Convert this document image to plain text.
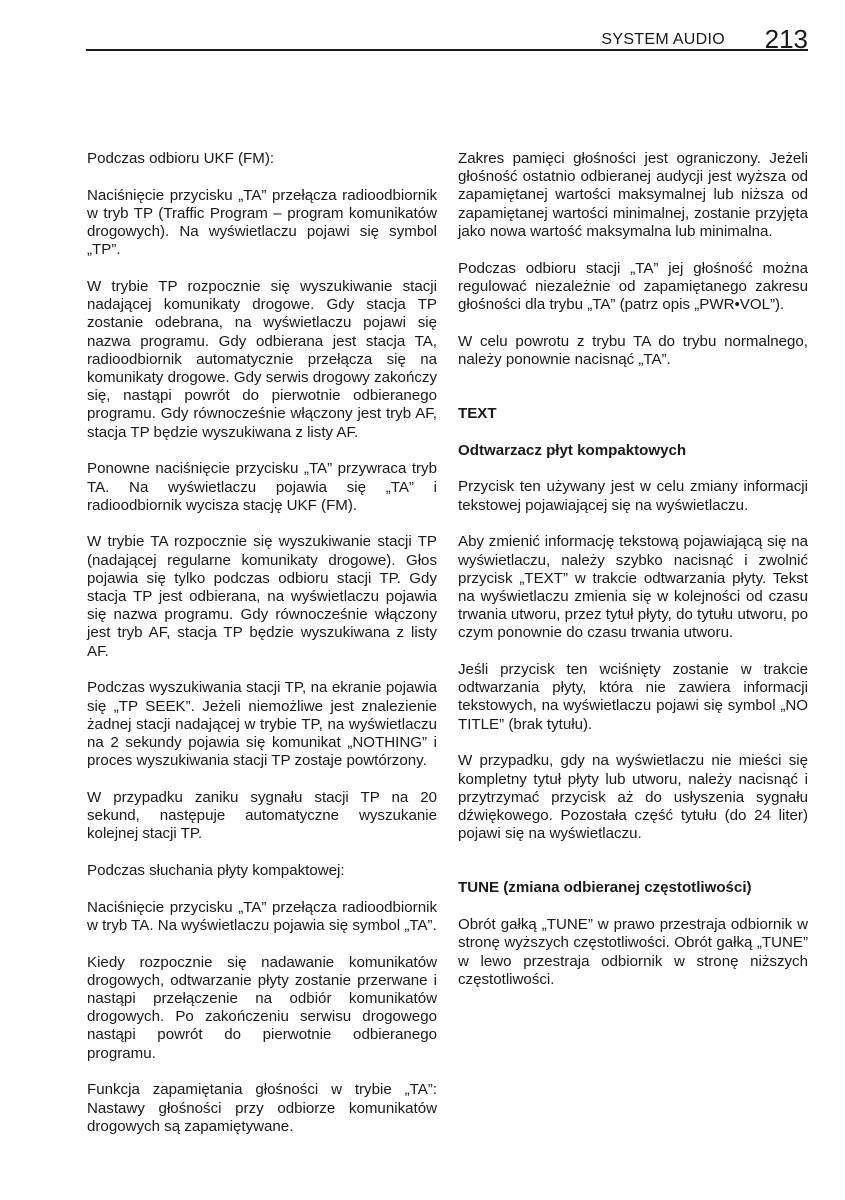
SYSTEM AUDIO 213

Podczas odbioru UKF (FM):

Naciśnięcie przycisku „TA” przełącza radioodbiornik w tryb TP (Traffic Program – program komunikatów drogowych). Na wyświetlaczu pojawi się symbol „TP”.

W trybie TP rozpocznie się wyszukiwanie stacji nadającej komunikaty drogowe. Gdy stacja TP zostanie odebrana, na wyświetlaczu pojawi się nazwa programu. Gdy odbierana jest stacja TA, radioodbiornik automatycznie przełącza się na komunikaty drogowe. Gdy serwis drogowy zakończy się, nastąpi powrót do pierwotnie odbieranego programu. Gdy równocześnie włączony jest tryb AF, stacja TP będzie wyszukiwana z listy AF.

Ponowne naciśnięcie przycisku „TA” przywraca tryb TA. Na wyświetlaczu pojawia się „TA” i radioodbiornik wycisza stację UKF (FM).

W trybie TA rozpocznie się wyszukiwanie stacji TP (nadającej regularne komunikaty drogowe). Głos pojawia się tylko podczas odbioru stacji TP. Gdy stacja TP jest odbierana, na wyświetlaczu pojawia się nazwa programu. Gdy równocześnie włączony jest tryb AF, stacja TP będzie wyszukiwana z listy AF.

Podczas wyszukiwania stacji TP, na ekranie pojawia się „TP SEEK”. Jeżeli niemożliwe jest znalezienie żadnej stacji nadającej w trybie TP, na wyświetlaczu na 2 sekundy pojawia się komunikat „NOTHING” i proces wyszukiwania stacji TP zostaje powtórzony.

W przypadku zaniku sygnału stacji TP na 20 sekund, następuje automatyczne wyszukanie kolejnej stacji TP.

Podczas słuchania płyty kompaktowej:

Naciśnięcie przycisku „TA” przełącza radioodbiornik w tryb TA. Na wyświetlaczu pojawia się symbol „TA”.

Kiedy rozpocznie się nadawanie komunikatów drogowych, odtwarzanie płyty zostanie przerwane i nastąpi przełączenie na odbiór komunikatów drogowych. Po zakończeniu serwisu drogowego nastąpi powrót do pierwotnie odbieranego programu.

Funkcja zapamiętania głośności w trybie „TA”: Nastawy głośności przy odbiorze komunikatów drogowych są zapamiętywane.

Zakres pamięci głośności jest ograniczony. Jeżeli głośność ostatnio odbieranej audycji jest wyższa od zapamiętanej wartości maksymalnej lub niższa od zapamiętanej wartości minimalnej, zostanie przyjęta jako nowa wartość maksymalna lub minimalna.

Podczas odbioru stacji „TA” jej głośność można regulować niezależnie od zapamiętanego zakresu głośności dla trybu „TA” (patrz opis „PWR•VOL”).

W celu powrotu z trybu TA do trybu normalnego, należy ponownie nacisnąć „TA”.

TEXT

Odtwarzacz płyt kompaktowych

Przycisk ten używany jest w celu zmiany informacji tekstowej pojawiającej się na wyświetlaczu.

Aby zmienić informację tekstową pojawiającą się na wyświetlaczu, należy szybko nacisnąć i zwolnić przycisk „TEXT” w trakcie odtwarzania płyty. Tekst na wyświetlaczu zmienia się w kolejności od czasu trwania utworu, przez tytuł płyty, do tytułu utworu, po czym ponownie do czasu trwania utworu.

Jeśli przycisk ten wciśnięty zostanie w trakcie odtwarzania płyty, która nie zawiera informacji tekstowych, na wyświetlaczu pojawi się symbol „NO TITLE” (brak tytułu).

W przypadku, gdy na wyświetlaczu nie mieści się kompletny tytuł płyty lub utworu, należy nacisnąć i przytrzymać przycisk aż do usłyszenia sygnału dźwiękowego. Pozostała część tytułu (do 24 liter) pojawi się na wyświetlaczu.

TUNE (zmiana odbieranej częstotliwości)

Obrót gałką „TUNE” w prawo przestraja odbiornik w stronę wyższych częstotliwości. Obrót gałką „TUNE” w lewo przestraja odbiornik w stronę niższych częstotliwości.
